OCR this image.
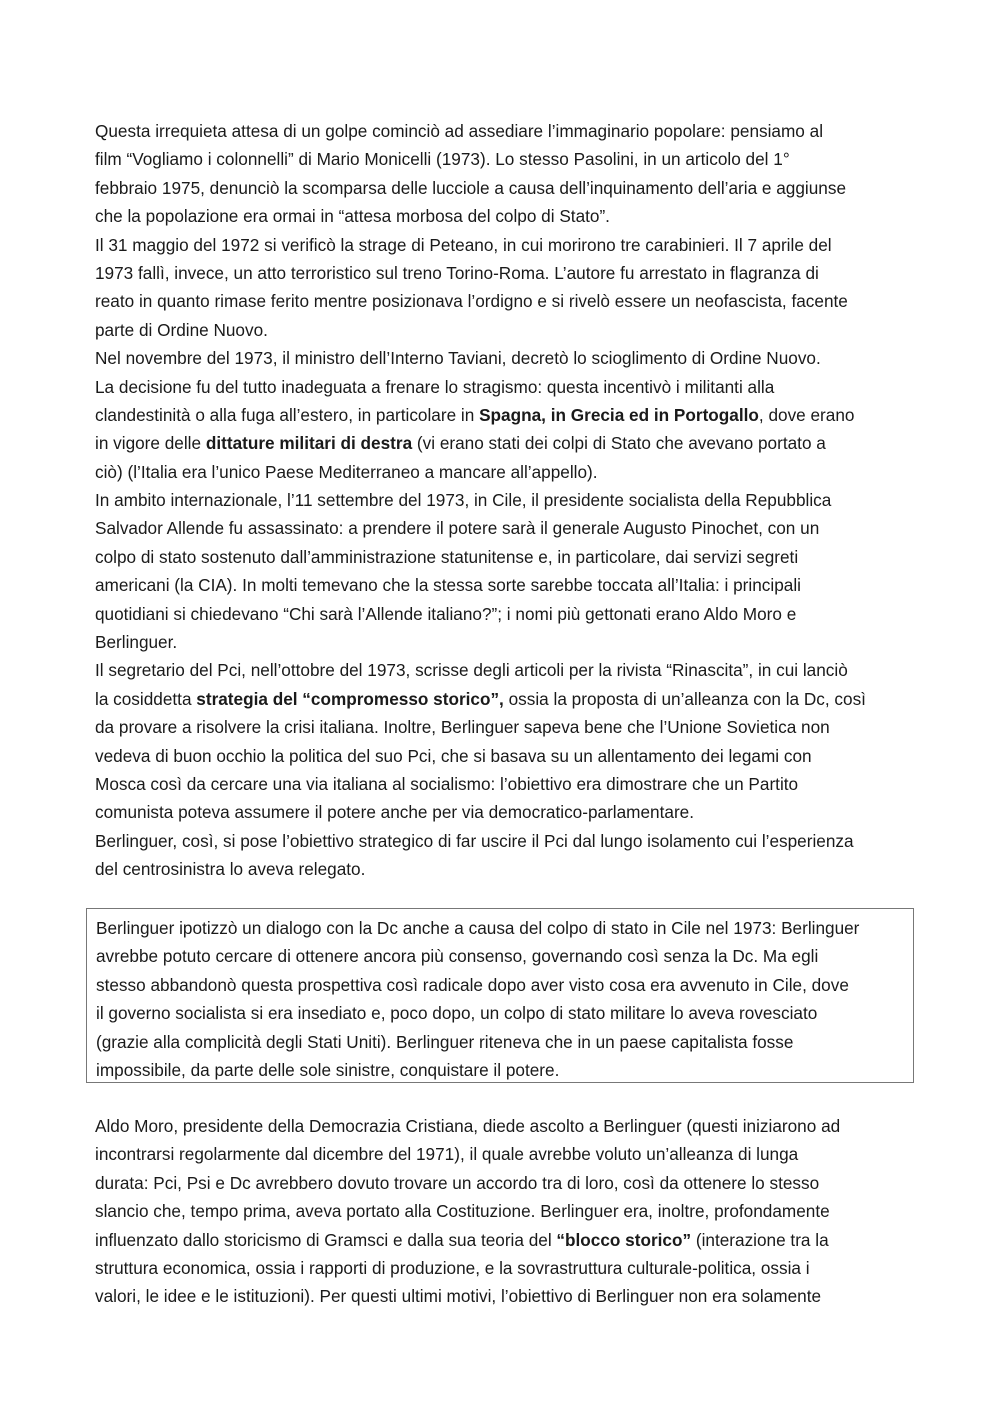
Questa irrequieta attesa di un golpe cominciò ad assediare l’immaginario popolare: pensiamo al
film “Vogliamo i colonnelli” di Mario Monicelli (1973). Lo stesso Pasolini, in un articolo del 1°
febbraio 1975, denunciò la scomparsa delle lucciole a causa dell’inquinamento dell’aria e aggiunse
che la popolazione era ormai in “attesa morbosa del colpo di Stato”.
Il 31 maggio del 1972 si verificò la strage di Peteano, in cui morirono tre carabinieri. Il 7 aprile del
1973 fallì, invece, un atto terroristico sul treno Torino-Roma. L’autore fu arrestato in flagranza di
reato in quanto rimase ferito mentre posizionava l’ordigno e si rivelò essere un neofascista, facente
parte di Ordine Nuovo.
Nel novembre del 1973, il ministro dell’Interno Taviani, decretò lo scioglimento di Ordine Nuovo.
La decisione fu del tutto inadeguata a frenare lo stragismo: questa incentivò i militanti alla
clandestinità o alla fuga all’estero, in particolare in Spagna, in Grecia ed in Portogallo, dove erano
in vigore delle dittature militari di destra (vi erano stati dei colpi di Stato che avevano portato a
ciò) (l’Italia era l’unico Paese Mediterraneo a mancare all’appello).
In ambito internazionale, l’11 settembre del 1973, in Cile, il presidente socialista della Repubblica
Salvador Allende fu assassinato: a prendere il potere sarà il generale Augusto Pinochet, con un
colpo di stato sostenuto dall’amministrazione statunitense e, in particolare, dai servizi segreti
americani (la CIA). In molti temevano che la stessa sorte sarebbe toccata all’Italia: i principali
quotidiani si chiedevano “Chi sarà l’Allende italiano?”; i nomi più gettonati erano Aldo Moro e
Berlinguer.
Il segretario del Pci, nell’ottobre del 1973, scrisse degli articoli per la rivista “Rinascita”, in cui lanciò
la cosiddetta strategia del “compromesso storico”, ossia la proposta di un’alleanza con la Dc, così
da provare a risolvere la crisi italiana. Inoltre, Berlinguer sapeva bene che l’Unione Sovietica non
vedeva di buon occhio la politica del suo Pci, che si basava su un allentamento dei legami con
Mosca così da cercare una via italiana al socialismo: l’obiettivo era dimostrare che un Partito
comunista poteva assumere il potere anche per via democratico-parlamentare.
Berlinguer, così, si pose l’obiettivo strategico di far uscire il Pci dal lungo isolamento cui l’esperienza
del centrosinistra lo aveva relegato.
Berlinguer ipotizzò un dialogo con la Dc anche a causa del colpo di stato in Cile nel 1973: Berlinguer
avrebbe potuto cercare di ottenere ancora più consenso, governando così senza la Dc. Ma egli
stesso abbandonò questa prospettiva così radicale dopo aver visto cosa era avvenuto in Cile, dove
il governo socialista si era insediato e, poco dopo, un colpo di stato militare lo aveva rovesciato
(grazie alla complicità degli Stati Uniti). Berlinguer riteneva che in un paese capitalista fosse
impossibile, da parte delle sole sinistre, conquistare il potere.
Aldo Moro, presidente della Democrazia Cristiana, diede ascolto a Berlinguer (questi iniziarono ad
incontrarsi regolarmente dal dicembre del 1971), il quale avrebbe voluto un’alleanza di lunga
durata: Pci, Psi e Dc avrebbero dovuto trovare un accordo tra di loro, così da ottenere lo stesso
slancio che, tempo prima, aveva portato alla Costituzione. Berlinguer era, inoltre, profondamente
influenzato dallo storicismo di Gramsci e dalla sua teoria del “blocco storico” (interazione tra la
struttura economica, ossia i rapporti di produzione, e la sovrastruttura culturale-politica, ossia i
valori, le idee e le istituzioni). Per questi ultimi motivi, l’obiettivo di Berlinguer non era solamente
